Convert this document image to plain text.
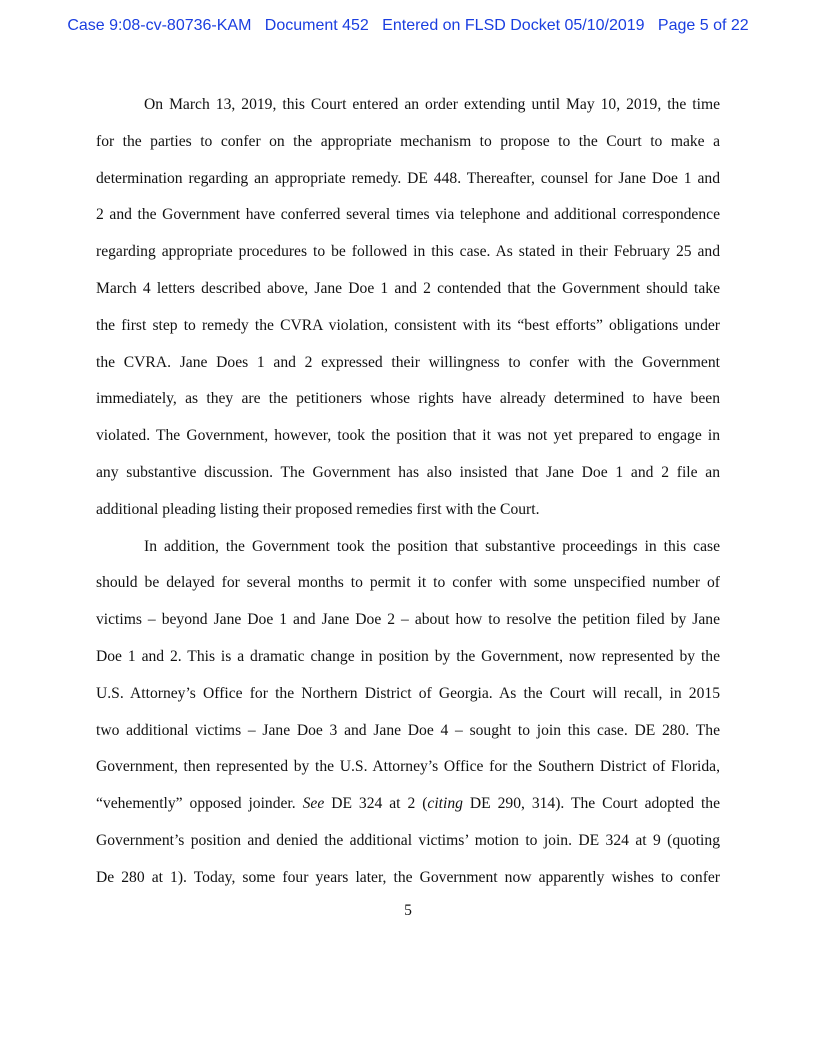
Case 9:08-cv-80736-KAM Document 452 Entered on FLSD Docket 05/10/2019 Page 5 of 22
On March 13, 2019, this Court entered an order extending until May 10, 2019, the time
for the parties to confer on the appropriate mechanism to propose to the Court to make a
determination regarding an appropriate remedy. DE 448. Thereafter, counsel for Jane Doe 1 and
2 and the Government have conferred several times via telephone and additional correspondence
regarding appropriate procedures to be followed in this case. As stated in their February 25 and
March 4 letters described above, Jane Doe 1 and 2 contended that the Government should take
the first step to remedy the CVRA violation, consistent with its “best efforts” obligations under
the CVRA. Jane Does 1 and 2 expressed their willingness to confer with the Government
immediately, as they are the petitioners whose rights have already determined to have been
violated. The Government, however, took the position that it was not yet prepared to engage in
any substantive discussion. The Government has also insisted that Jane Doe 1 and 2 file an
additional pleading listing their proposed remedies first with the Court.
In addition, the Government took the position that substantive proceedings in this case
should be delayed for several months to permit it to confer with some unspecified number of
victims – beyond Jane Doe 1 and Jane Doe 2 – about how to resolve the petition filed by Jane
Doe 1 and 2. This is a dramatic change in position by the Government, now represented by the
U.S. Attorney’s Office for the Northern District of Georgia. As the Court will recall, in 2015
two additional victims – Jane Doe 3 and Jane Doe 4 – sought to join this case. DE 280. The
Government, then represented by the U.S. Attorney’s Office for the Southern District of Florida,
“vehemently” opposed joinder. See DE 324 at 2 (citing DE 290, 314). The Court adopted the
Government’s position and denied the additional victims’ motion to join. DE 324 at 9 (quoting
De 280 at 1). Today, some four years later, the Government now apparently wishes to confer
5
